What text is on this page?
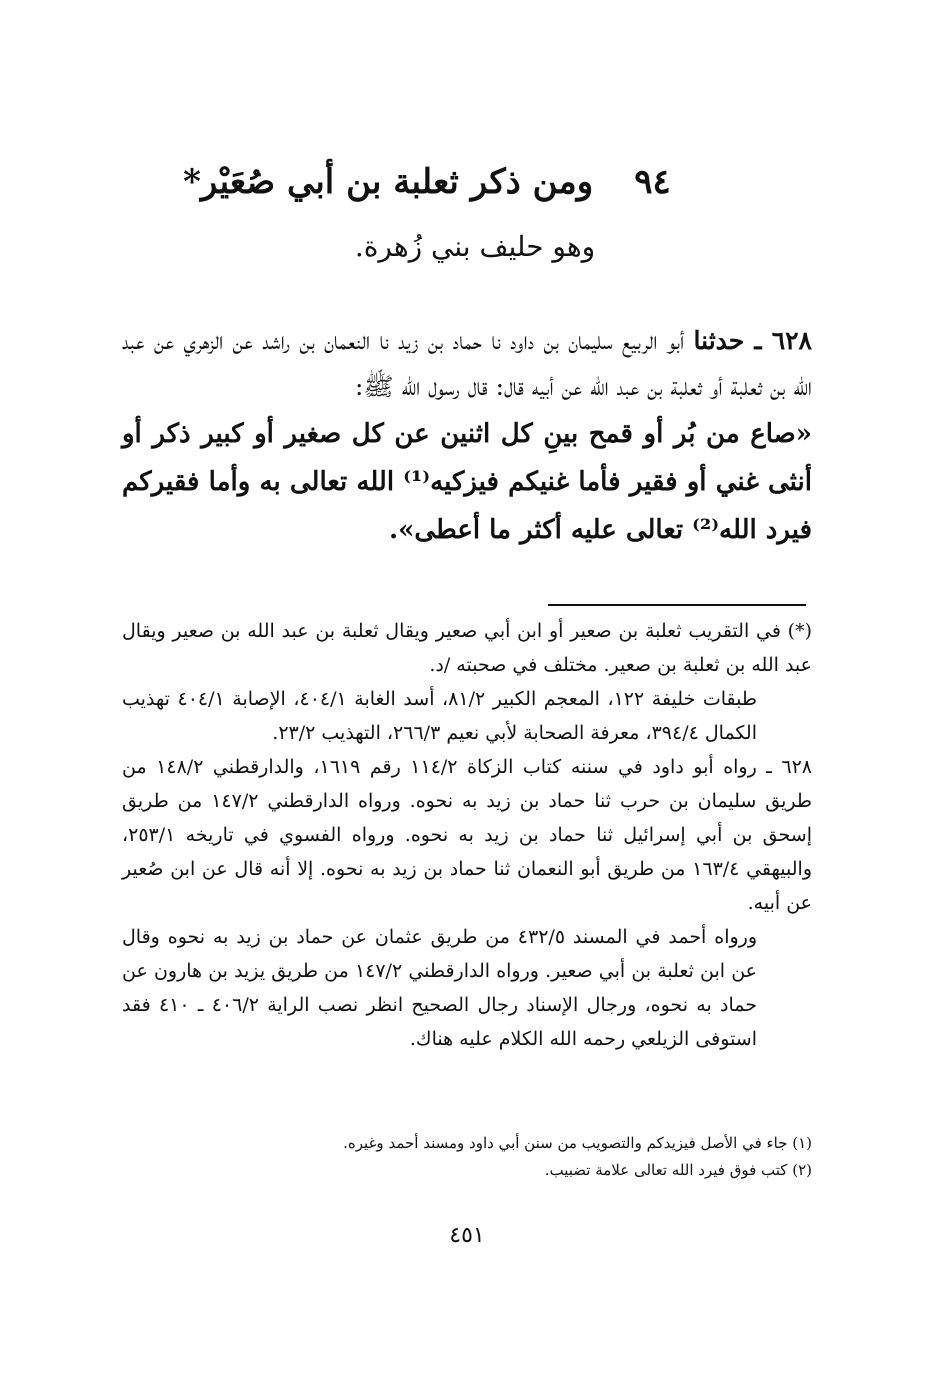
٩٤ ومن ذكر ثعلبة بن أبي صُعَيْر*
وهو حليف بني زُهرة.
٦٢٨ ـ حدثنا أبو الربيع سليمان بن داود نا حماد بن زيد نا النعمان بن راشد عن الزهري عن عبد الله بن ثعلبة أو ثعلبة بن عبد الله عن أبيه قال: قال رسول الله ﷺ:
«صاع من بُر أو قمح بينِ كل اثنين عن كل صغير أو كبير ذكر أو أنثى غني أو فقير فأما غنيكم فيزكيه⁽¹⁾ الله تعالى به وأما فقيركم فيرد الله⁽²⁾ تعالى عليه أكثر ما أعطى».

(*) في التقريب ثعلبة بن صعير أو ابن أبي صعير ويقال ثعلبة بن عبد الله بن صعير ويقال عبد الله بن ثعلبة بن صعير. مختلف في صحبته /د.

طبقات خليفة ١٢٢، المعجم الكبير ٨١/٢، أسد الغابة ٤٠٤/١، الإصابة ٤٠٤/١ تهذيب الكمال ٣٩٤/٤، معرفة الصحابة لأبي نعيم ٢٦٦/٣، التهذيب ٢٣/٢.

٦٢٨ ـ رواه أبو داود في سننه كتاب الزكاة ١١٤/٢ رقم ١٦١٩، والدارقطني ١٤٨/٢ من طريق سليمان بن حرب ثنا حماد بن زيد به نحوه. ورواه الدارقطني ١٤٧/٢ من طريق إسحق بن أبي إسرائيل ثنا حماد بن زيد به نحوه. ورواه الفسوي في تاريخه ٢٥٣/١، والبيهقي ١٦٣/٤ من طريق أبو النعمان ثنا حماد بن زيد به نحوه. إلا أنه قال عن ابن صُعير عن أبيه.

ورواه أحمد في المسند ٤٣٢/٥ من طريق عثمان عن حماد بن زيد به نحوه وقال عن ابن ثعلبة بن أبي صعير. ورواه الدارقطني ١٤٧/٢ من طريق يزيد بن هارون عن حماد به نحوه، ورجال الإسناد رجال الصحيح انظر نصب الراية ٤٠٦/٢ ـ ٤١٠ فقد استوفى الزيلعي رحمه الله الكلام عليه هناك.

(١) جاء في الأصل فيزيدكم والتصويب من سنن أبي داود ومسند أحمد وغيره.

(٢) كتب فوق فيرد الله تعالى علامة تضبيب.

٤٥١
